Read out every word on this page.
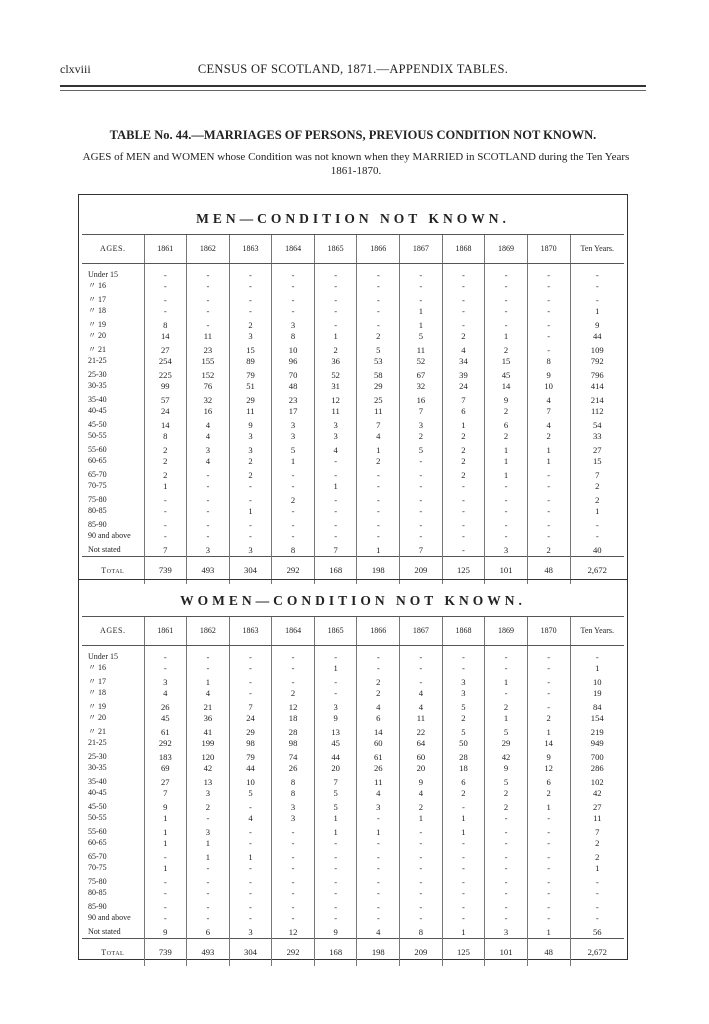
clxviii	CENSUS OF SCOTLAND, 1871.—APPENDIX TABLES.
TABLE No. 44.—MARRIAGES OF PERSONS, PREVIOUS CONDITION NOT KNOWN.
AGES of MEN and WOMEN whose Condition was not known when they MARRIED in SCOTLAND during the Ten Years 1861-1870.
MEN—CONDITION NOT KNOWN.
AGES.	1861	1862	1863	1864	1865	1866	1867	1868	1869	1870	Ten Years.

Under 15	-	-	-	-	-	-	-	-	-	-	-
〃 16	-	-	-	-	-	-	-	-	-	-	-
〃 17	-	-	-	-	-	-	-	-	-	-	-
〃 18	-	-	-	-	-	-	1	-	-	-	1
〃 19	8	-	2	3	-	-	1	-	-	-	9
〃 20	14	11	3	8	1	2	5	2	1	-	44
〃 21	27	23	15	10	2	5	11	4	2	-	109
21-25	254	155	89	96	36	53	52	34	15	8	792
25-30	225	152	79	70	52	58	67	39	45	9	796
30-35	99	76	51	48	31	29	32	24	14	10	414
35-40	57	32	29	23	12	25	16	7	9	4	214
40-45	24	16	11	17	11	11	7	6	2	7	112
45-50	14	4	9	3	3	7	3	1	6	4	54
50-55	8	4	3	3	3	4	2	2	2	2	33
55-60	2	3	3	5	4	1	5	2	1	1	27
60-65	2	4	2	1	-	2	-	2	1	1	15
65-70	2	-	2	-	-	-	-	2	1	-	7
70-75	1	-	-	-	1	-	-	-	-	-	2
75-80	-	-	-	2	-	-	-	-	-	-	2
80-85	-	-	1	-	-	-	-	-	-	-	1
85-90	-	-	-	-	-	-	-	-	-	-	-
90 and above	-	-	-	-	-	-	-	-	-	-	-
Not stated	7	3	3	8	7	1	7	-	3	2	40
Total	739	493	304	292	168	198	209	125	101	48	2,672
WOMEN—CONDITION NOT KNOWN.
AGES.	1861	1862	1863	1864	1865	1866	1867	1868	1869	1870	Ten Years.

Under 15	-	-	-	-	-	-	-	-	-	-	-
〃 16	-	-	-	-	1	-	-	-	-	-	1
〃 17	3	1	-	-	-	2	-	3	1	-	10
〃 18	4	4	-	2	-	2	4	3	-	-	19
〃 19	26	21	7	12	3	4	4	5	2	-	84
〃 20	45	36	24	18	9	6	11	2	1	2	154
〃 21	61	41	29	28	13	14	22	5	5	1	219
21-25	292	199	98	98	45	60	64	50	29	14	949
25-30	183	120	79	74	44	61	60	28	42	9	700
30-35	69	42	44	26	20	26	20	18	9	12	286
35-40	27	13	10	8	7	11	9	6	5	6	102
40-45	7	3	5	8	5	4	4	2	2	2	42
45-50	9	2	-	3	5	3	2	-	2	1	27
50-55	1	-	4	3	1	-	1	1	-	-	11
55-60	1	3	-	-	1	1	-	1	-	-	7
60-65	1	1	-	-	-	-	-	-	-	-	2
65-70	-	1	1	-	-	-	-	-	-	-	2
70-75	1	-	-	-	-	-	-	-	-	-	1
75-80	-	-	-	-	-	-	-	-	-	-	-
80-85	-	-	-	-	-	-	-	-	-	-	-
85-90	-	-	-	-	-	-	-	-	-	-	-
90 and above	-	-	-	-	-	-	-	-	-	-	-
Not stated	9	6	3	12	9	4	8	1	3	1	56
Total	739	493	304	292	168	198	209	125	101	48	2,672
